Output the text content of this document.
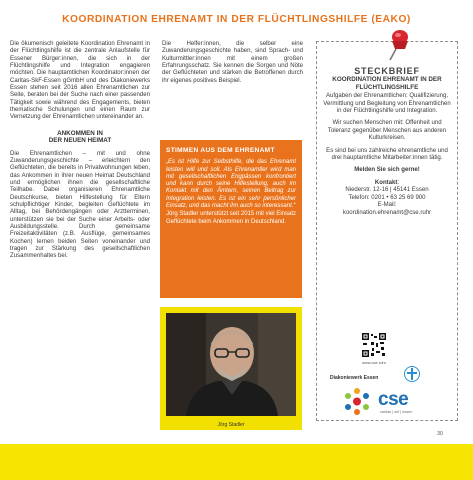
KOORDINATION EHRENAMT IN DER FLÜCHTLINGSHILFE (EAKO)

Die ökumenisch geleitete Koordination Ehrenamt in der Flüchtlingshilfe ist die zentrale Anlaufstelle für Essener Bürger:innen, die sich in der Flüchtlingshilfe und Integration engagieren möchten. Die hauptamtlichen Koordinator:innen der Caritas-SkF-Essen gGmbH und des Diakoniewerks Essen stehen seit 2016 allen Ehrenamtlichen zur Seite, beraten bei der Suche nach einer passenden Tätigkeit sowie während des Engagements, bieten thematische Schulungen und einen Raum zur Vernetzung der Ehrenamtlichen untereinander an.

ANKOMMEN IN
DER NEUEN HEIMAT

Die Ehrenamtlichen – mit und ohne Zuwanderungsgeschichte – erleichtern den Geflüchteten, die bereits in Privatwohnungen leben, das Ankommen in ihrer neuen Heimat Deutschland und ermöglichen ihnen die gesellschaftliche Teilhabe. Dabei organisieren Ehrenamtliche Deutschkurse, bieten Hilfestellung für Eltern schulpflichtiger Kinder, begleiten Geflüchtete im Alltag, bei Behördengängen oder Arztterminen, unterstützen sie bei der Suche einer Arbeits- oder Ausbildungsstelle. Durch gemeinsame Freizeitaktivitäten (z.B. Ausflüge, gemeinsames Kochen) lernen beiden Seiten voneinander und tragen zur Stärkung des gesellschaftlichen Zusammenhaltes bei.

Die Helfer:innen, die selber eine Zuwanderungsgeschichte haben, sind Sprach- und Kulturmittler:innen mit einem großen Erfahrungsschatz. Sie kennen die Sorgen und Nöte der Geflüchteten und stärken die Betroffenen durch ihr eigenes positives Beispiel.

STIMMEN AUS DEM EHRENAMT
„Es ist Hilfe zur Selbsthilfe, die das Ehrenamt leisten will und soll. Als Ehrenamtler wird man mit gesellschaftlichen Engpässen konfrontiert und kann durch seine Hilfestellung, auch im Kontakt mit den Ämtern, seinen Beitrag zur Integration leisten. Es ist ein sehr persönlicher Einsatz, und das macht ihn auch so interessant.“
Jörg Stadler unterstützt seit 2015 mit viel Einsatz Geflüchtete beim Ankommen in Deutschland.
Jörg Stadler
STECKBRIEF
KOORDINATION EHRENAMT IN DER FLÜCHTLINGSHILFE

Aufgaben der Ehrenamtlichen: Qualifizierung, Vermittlung und Begleitung von Ehrenamtlichen in der Flüchtlingshilfe und Integration.

Wir suchen Menschen mit: Offenheit und Toleranz gegenüber Menschen aus anderen Kulturkreisen.

Es sind bei uns zahlreiche ehrenamtliche und drei hauptamtliche Mitarbeiter:innen tätig.

Melden Sie sich gerne!

Kontakt:

Niederstr. 12-16 | 45141 Essen

Telefon: 0201 • 63 25 69 900

E-Mail:

koordination.ehrenamt@cse.ruhr

www.cse.ruhr
Diakoniewerk Essen
cse
caritas | skf | essen
30
